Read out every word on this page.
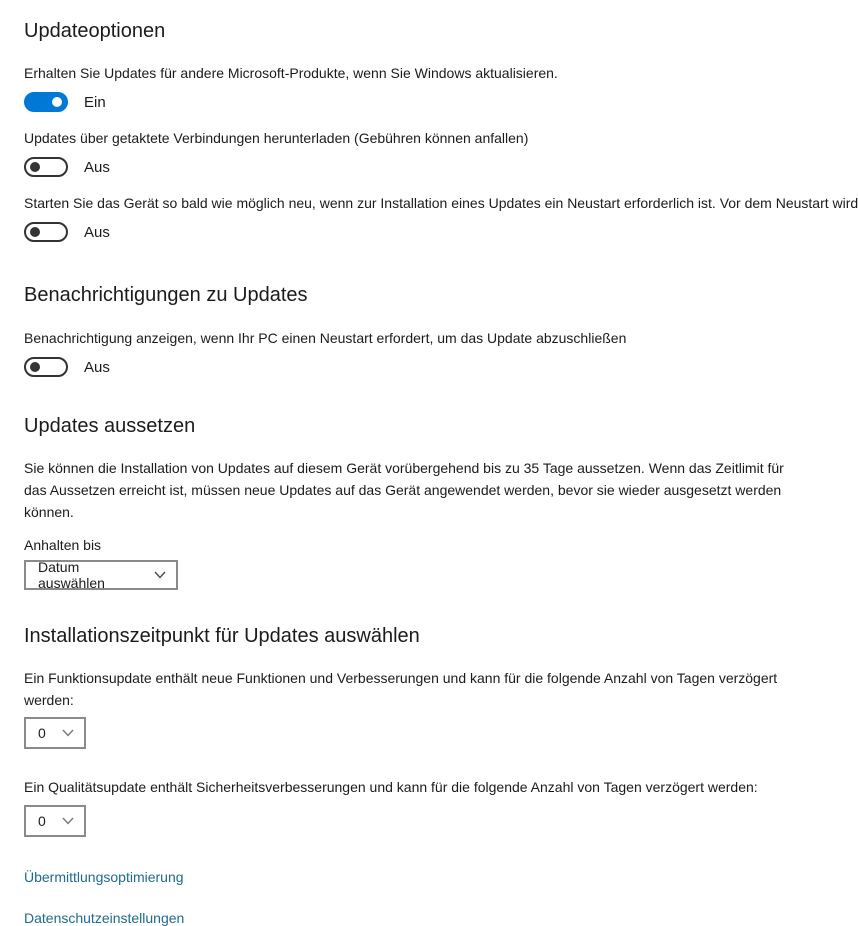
Updateoptionen

Erhalten Sie Updates für andere Microsoft-Produkte, wenn Sie Windows aktualisieren.

Ein

Updates über getaktete Verbindungen herunterladen (Gebühren können anfallen)

Aus

Starten Sie das Gerät so bald wie möglich neu, wenn zur Installation eines Updates ein Neustart erforderlich ist. Vor dem Neustart wird

Aus
Benachrichtigungen zu Updates

Benachrichtigung anzeigen, wenn Ihr PC einen Neustart erfordert, um das Update abzuschließen

Aus
Updates aussetzen

Sie können die Installation von Updates auf diesem Gerät vorübergehend bis zu 35 Tage aussetzen. Wenn das Zeitlimit für das Aussetzen erreicht ist, müssen neue Updates auf das Gerät angewendet werden, bevor sie wieder ausgesetzt werden können.

Anhalten bis

Datum auswählen
Installationszeitpunkt für Updates auswählen

Ein Funktionsupdate enthält neue Funktionen und Verbesserungen und kann für die folgende Anzahl von Tagen verzögert werden:

0

Ein Qualitätsupdate enthält Sicherheitsverbesserungen und kann für die folgende Anzahl von Tagen verzögert werden:

0
Übermittlungsoptimierung
Datenschutzeinstellungen
